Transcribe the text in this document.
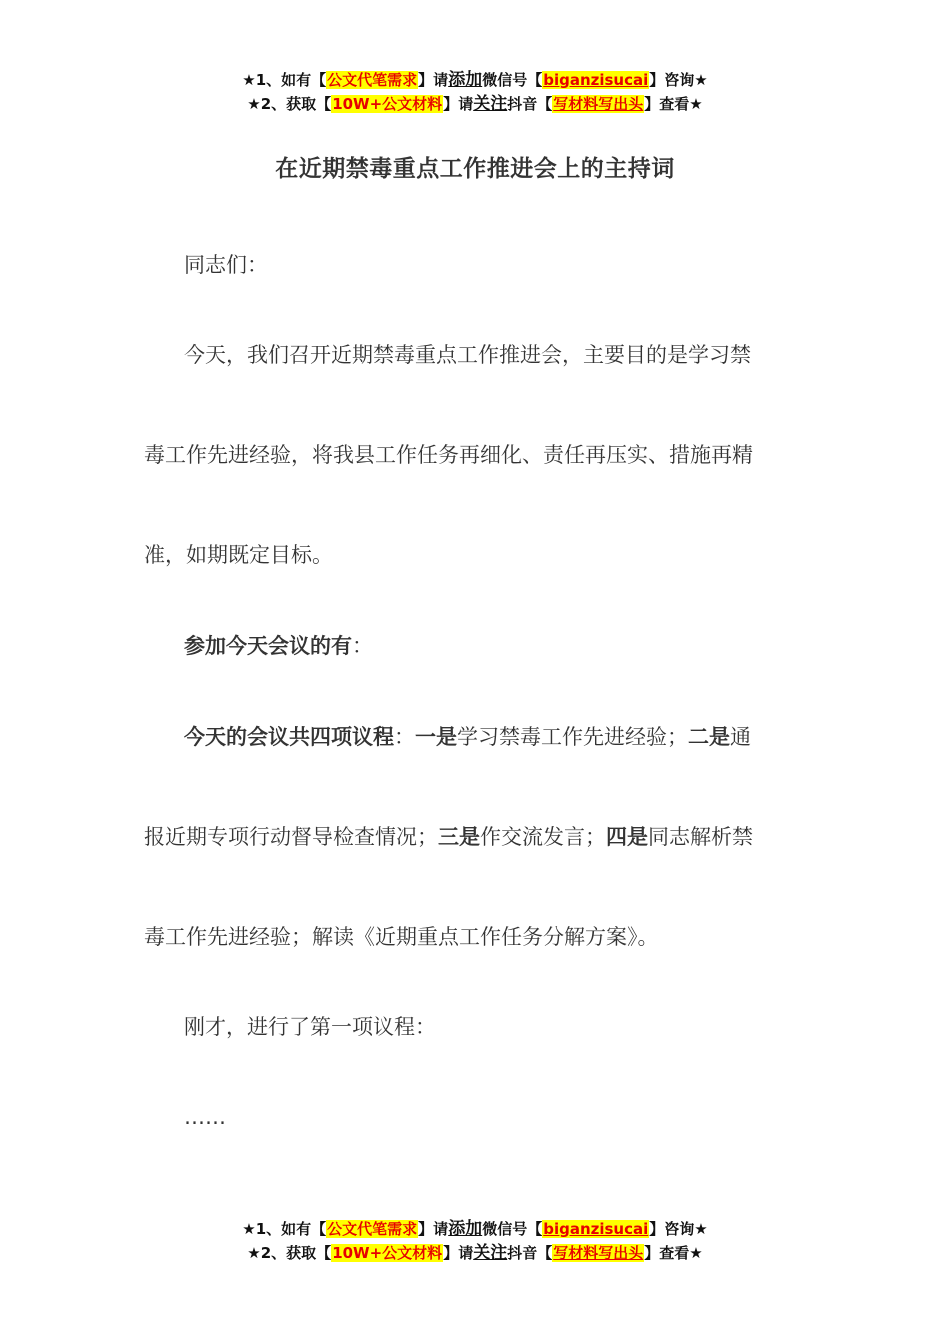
★1、如有【公文代笔需求】请添加微信号【biganzisucai】咨询★
★2、获取【10W+公文材料】请关注抖音【写材料写出头】查看★
在近期禁毒重点工作推进会上的主持词
同志们：
今天，我们召开近期禁毒重点工作推进会，主要目的是学习禁
毒工作先进经验，将我县工作任务再细化、责任再压实、措施再精
准，如期既定目标。
参加今天会议的有：
今天的会议共四项议程：一是学习禁毒工作先进经验；二是通
报近期专项行动督导检查情况；三是作交流发言；四是同志解析禁
毒工作先进经验；解读《近期重点工作任务分解方案》。
刚才，进行了第一项议程：
……
★1、如有【公文代笔需求】请添加微信号【biganzisucai】咨询★
★2、获取【10W+公文材料】请关注抖音【写材料写出头】查看★
